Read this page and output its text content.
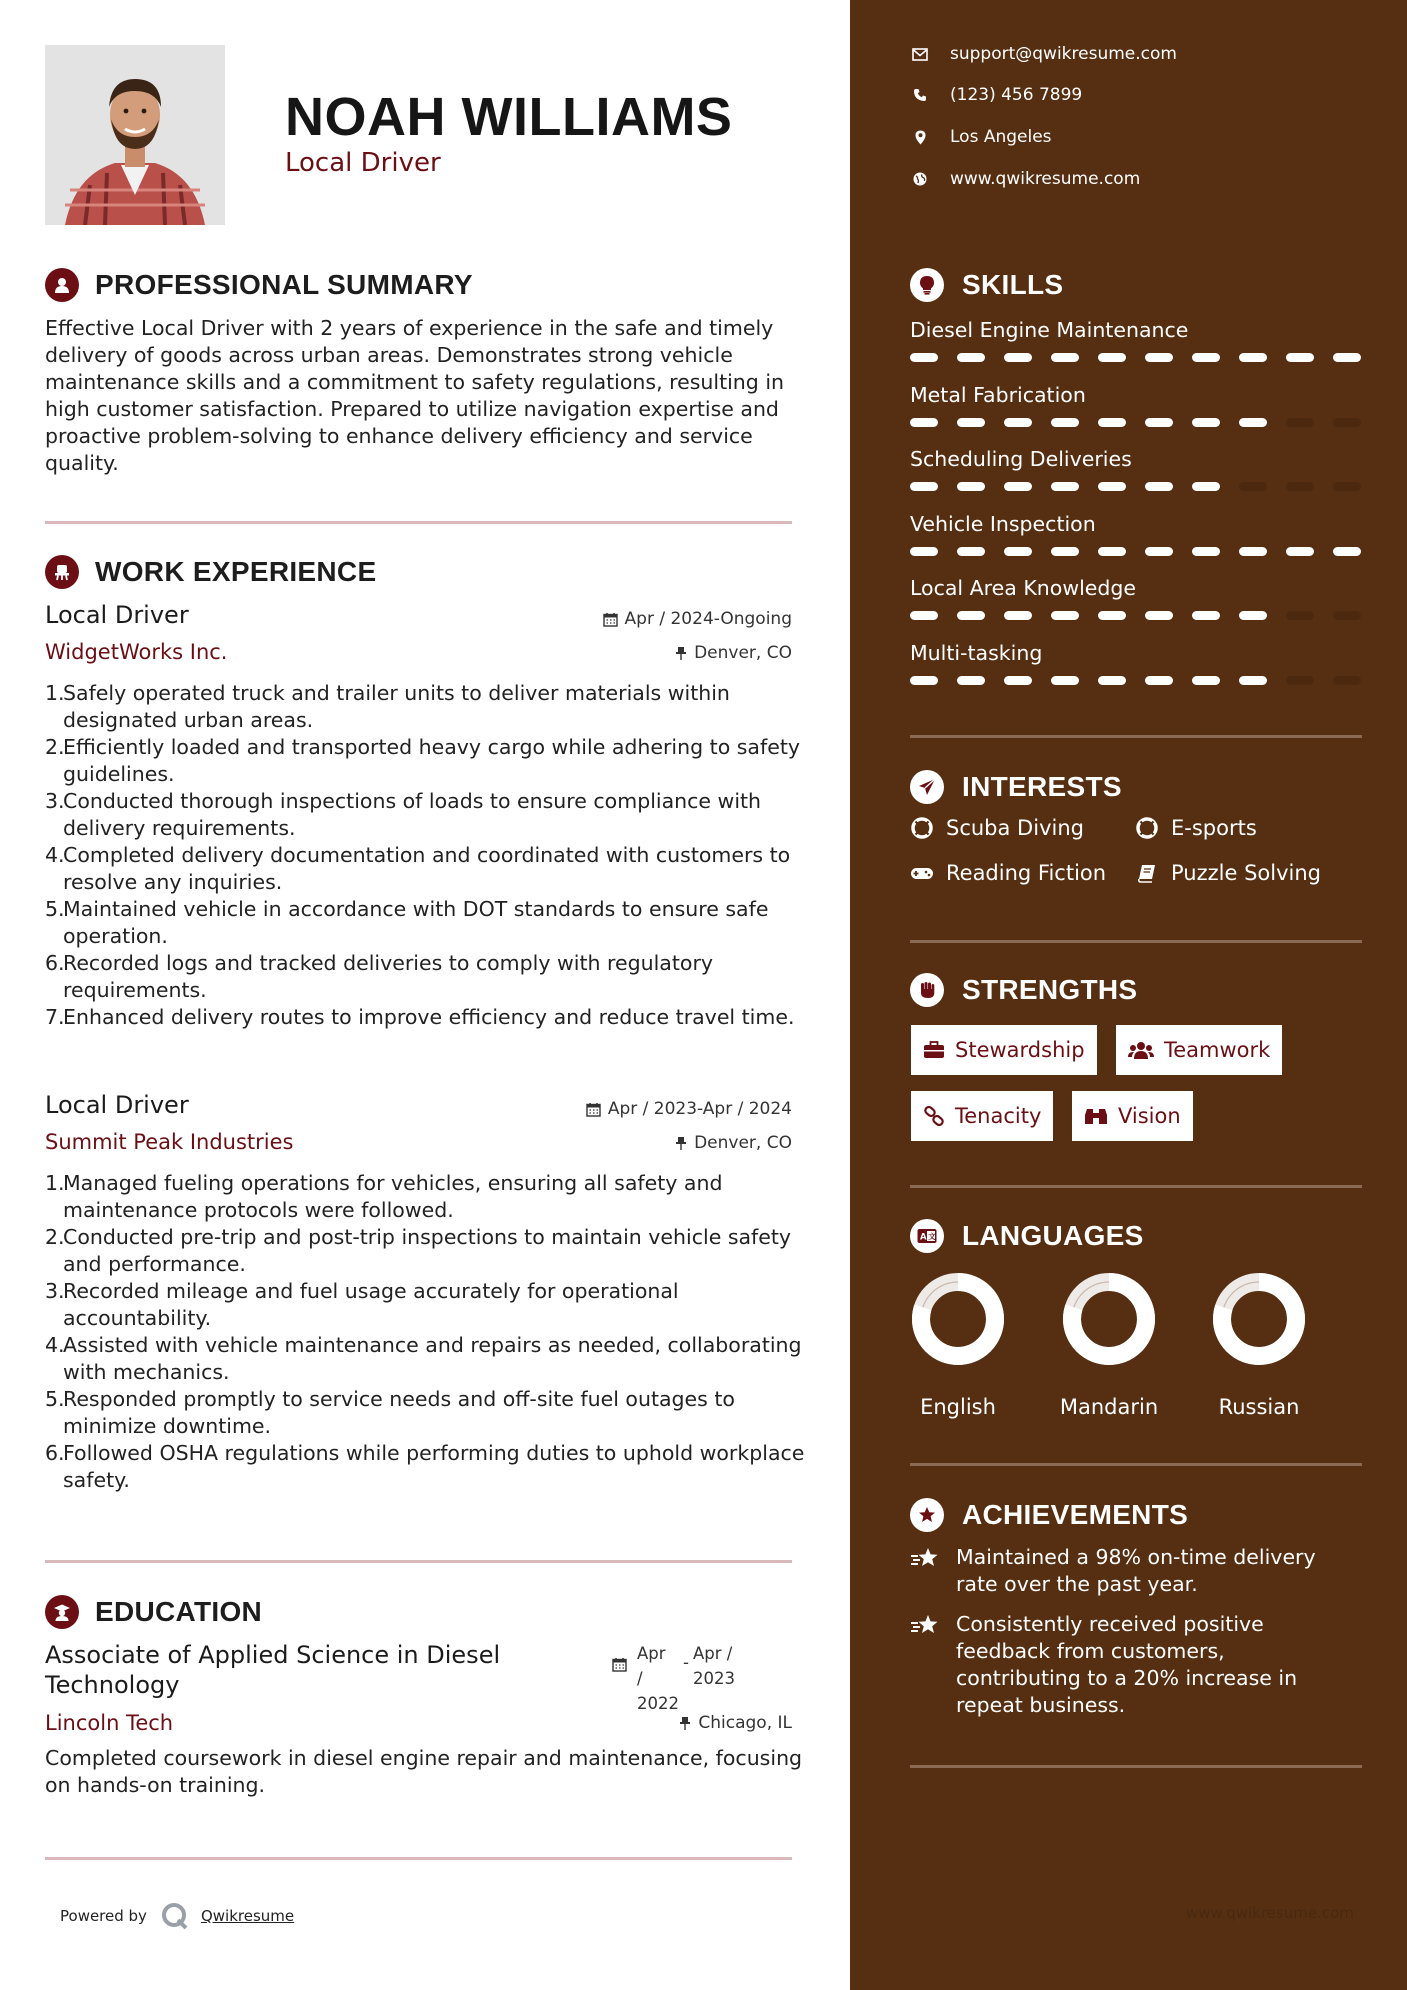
NOAH WILLIAMS
Local Driver
PROFESSIONAL SUMMARY
Effective Local Driver with 2 years of experience in the safe and timely delivery of goods across urban areas. Demonstrates strong vehicle maintenance skills and a commitment to safety regulations, resulting in high customer satisfaction. Prepared to utilize navigation expertise and proactive problem-solving to enhance delivery efficiency and service quality.
WORK EXPERIENCE
Local Driver	Apr / 2024-Ongoing
WidgetWorks Inc.	Denver, CO
1.
Safely operated truck and trailer units to deliver materials within designated urban areas.
2.
Efficiently loaded and transported heavy cargo while adhering to safety guidelines.
3.
Conducted thorough inspections of loads to ensure compliance with delivery requirements.
4.
Completed delivery documentation and coordinated with customers to resolve any inquiries.
5.
Maintained vehicle in accordance with DOT standards to ensure safe operation.
6.
Recorded logs and tracked deliveries to comply with regulatory requirements.
7.
Enhanced delivery routes to improve efficiency and reduce travel time.
Local Driver	Apr / 2023-Apr / 2024
Summit Peak Industries	Denver, CO
1.
Managed fueling operations for vehicles, ensuring all safety and maintenance protocols were followed.
2.
Conducted pre-trip and post-trip inspections to maintain vehicle safety and performance.
3.
Recorded mileage and fuel usage accurately for operational accountability.
4.
Assisted with vehicle maintenance and repairs as needed, collaborating with mechanics.
5.
Responded promptly to service needs and off-site fuel outages to minimize downtime.
6.
Followed OSHA regulations while performing duties to uphold workplace safety.
EDUCATION
Associate of Applied Science in Diesel Technology
Apr /
2022
- Apr /
2023
Lincoln Tech	Chicago, IL
Completed coursework in diesel engine repair and maintenance, focusing on hands-on training.
Powered by	Qwikresume
support@qwikresume.com
(123) 456 7899
Los Angeles
www.qwikresume.com
SKILLS
Diesel Engine Maintenance
Metal Fabrication
Scheduling Deliveries
Vehicle Inspection
Local Area Knowledge
Multi-tasking
INTERESTS
Scuba Diving	E-sports
Reading Fiction	Puzzle Solving
STRENGTHS
Stewardship	Teamwork
Tenacity	Vision
A 文 LANGUAGES
English	Mandarin	Russian
ACHIEVEMENTS
Maintained a 98% on-time delivery rate over the past year.
Consistently received positive feedback from customers, contributing to a 20% increase in repeat business.
www.qwikresume.com
